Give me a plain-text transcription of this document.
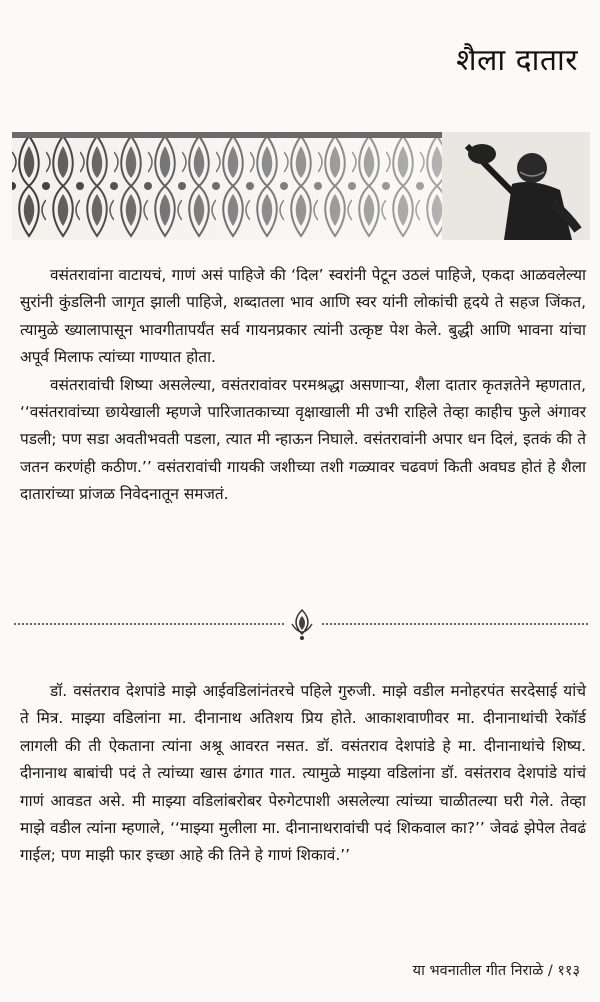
शैला दातार

वसंतरावांना वाटायचं, गाणं असं पाहिजे की ‘दिल’ स्वरांनी पेटून उठलं पाहिजे, एकदा आळवलेल्या सुरांनी कुंडलिनी जागृत झाली पाहिजे, शब्दातला भाव आणि स्वर यांनी लोकांची हृदये ते सहज जिंकत, त्यामुळे ख्यालापासून भावगीतापर्यंत सर्व गायनप्रकार त्यांनी उत्कृष्ट पेश केले. बुद्धी आणि भावना यांचा अपूर्व मिलाफ त्यांच्या गाण्यात होता.

वसंतरावांची शिष्या असलेल्या, वसंतरावांवर परमश्रद्धा असणाऱ्या, शैला दातार कृतज्ञतेने म्हणतात, ‘‘वसंतरावांच्या छायेखाली म्हणजे पारिजातकाच्या वृक्षाखाली मी उभी राहिले तेव्हा काहीच फुले अंगावर पडली; पण सडा अवतीभवती पडला, त्यात मी न्हाऊन निघाले. वसंतरावांनी अपार धन दिलं, इतकं की ते जतन करणंही कठीण.’’ वसंतरावांची गायकी जशीच्या तशी गळ्यावर चढवणं किती अवघड होतं हे शैला दातारांच्या प्रांजळ निवेदनातून समजतं.

डॉ. वसंतराव देशपांडे माझे आईवडिलांनंतरचे पहिले गुरुजी. माझे वडील मनोहरपंत सरदेसाई यांचे ते मित्र. माझ्या वडिलांना मा. दीनानाथ अतिशय प्रिय होते. आकाशवाणीवर मा. दीनानाथांची रेकॉर्ड लागली की ती ऐकताना त्यांना अश्रू आवरत नसत. डॉ. वसंतराव देशपांडे हे मा. दीनानाथांचे शिष्य. दीनानाथ बाबांची पदं ते त्यांच्या खास ढंगात गात. त्यामुळे माझ्या वडिलांना डॉ. वसंतराव देशपांडे यांचं गाणं आवडत असे. मी माझ्या वडिलांबरोबर पेरुगेटपाशी असलेल्या त्यांच्या चाळीतल्या घरी गेले. तेव्हा माझे वडील त्यांना म्हणाले, ‘‘माझ्या मुलीला मा. दीनानाथरावांची पदं शिकवाल का?’’ जेवढं झेपेल तेवढं गाईल; पण माझी फार इच्छा आहे की तिने हे गाणं शिकावं.’’

या भवनातील गीत निराळे / ११३
